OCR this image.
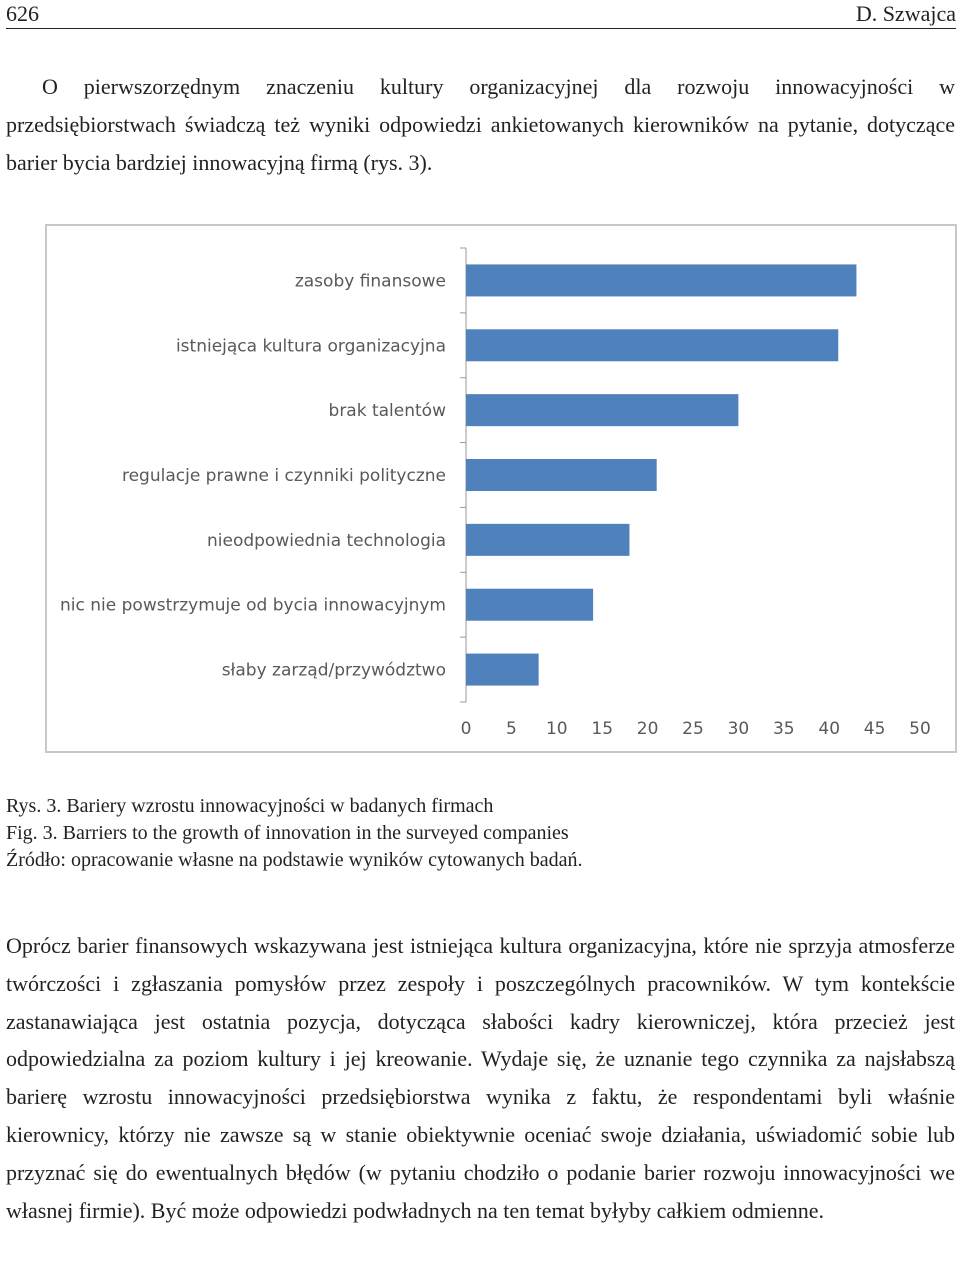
626	D. Szwajca

O pierwszorzędnym znaczeniu kultury organizacyjnej dla rozwoju innowacyjności w przedsiębiorstwach świadczą też wyniki odpowiedzi ankietowanych kierowników na pytanie, dotyczące barier bycia bardziej innowacyjną firmą (rys. 3).

zasoby finansowe
istniejąca kultura organizacyjna
brak talentów
regulacje prawne i czynniki polityczne
nieodpowiednia technologia
nic nie powstrzymuje od bycia innowacyjnym
słaby zarząd/przywództwo
0 5 10 15 20 25 30 35 40 45 50

Rys. 3. Bariery wzrostu innowacyjności w badanych firmach

Fig. 3. Barriers to the growth of innovation in the surveyed companies

Źródło: opracowanie własne na podstawie wyników cytowanych badań.

Oprócz barier finansowych wskazywana jest istniejąca kultura organizacyjna, które nie sprzyja atmosferze twórczości i zgłaszania pomysłów przez zespoły i poszczególnych pracowników. W tym kontekście zastanawiająca jest ostatnia pozycja, dotycząca słabości kadry kierowniczej, która przecież jest odpowiedzialna za poziom kultury i jej kreowanie. Wydaje się, że uznanie tego czynnika za najsłabszą barierę wzrostu innowacyjności przedsiębiorstwa wynika z faktu, że respondentami byli właśnie kierownicy, którzy nie zawsze są w stanie obiektywnie oceniać swoje działania, uświadomić sobie lub przyznać się do ewentualnych błędów (w pytaniu chodziło o podanie barier rozwoju innowacyjności we własnej firmie). Być może odpowiedzi podwładnych na ten temat byłyby całkiem odmienne.
